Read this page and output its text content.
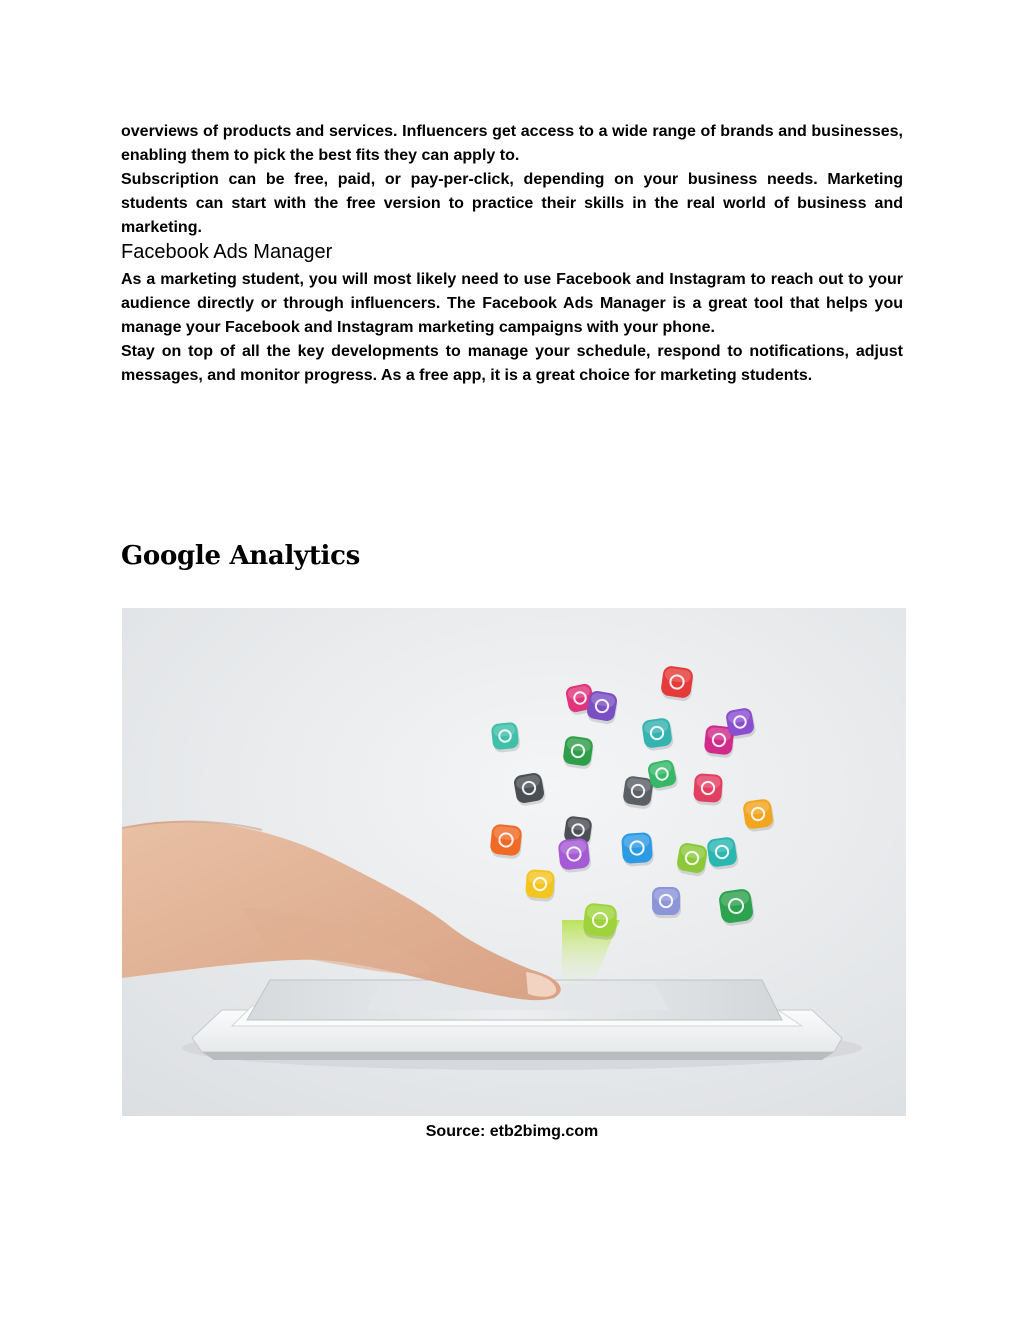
overviews of products and services. Influencers get access to a wide range of brands and businesses, enabling them to pick the best fits they can apply to.

Subscription can be free, paid, or pay-per-click, depending on your business needs. Marketing students can start with the free version to practice their skills in the real world of business and marketing.

Facebook Ads Manager

As a marketing student, you will most likely need to use Facebook and Instagram to reach out to your audience directly or through influencers. The Facebook Ads Manager is a great tool that helps you manage your Facebook and Instagram marketing campaigns with your phone.

Stay on top of all the key developments to manage your schedule, respond to notifications, adjust messages, and monitor progress. As a free app, it is a great choice for marketing students.

Google Analytics
Source: etb2bimg.com
